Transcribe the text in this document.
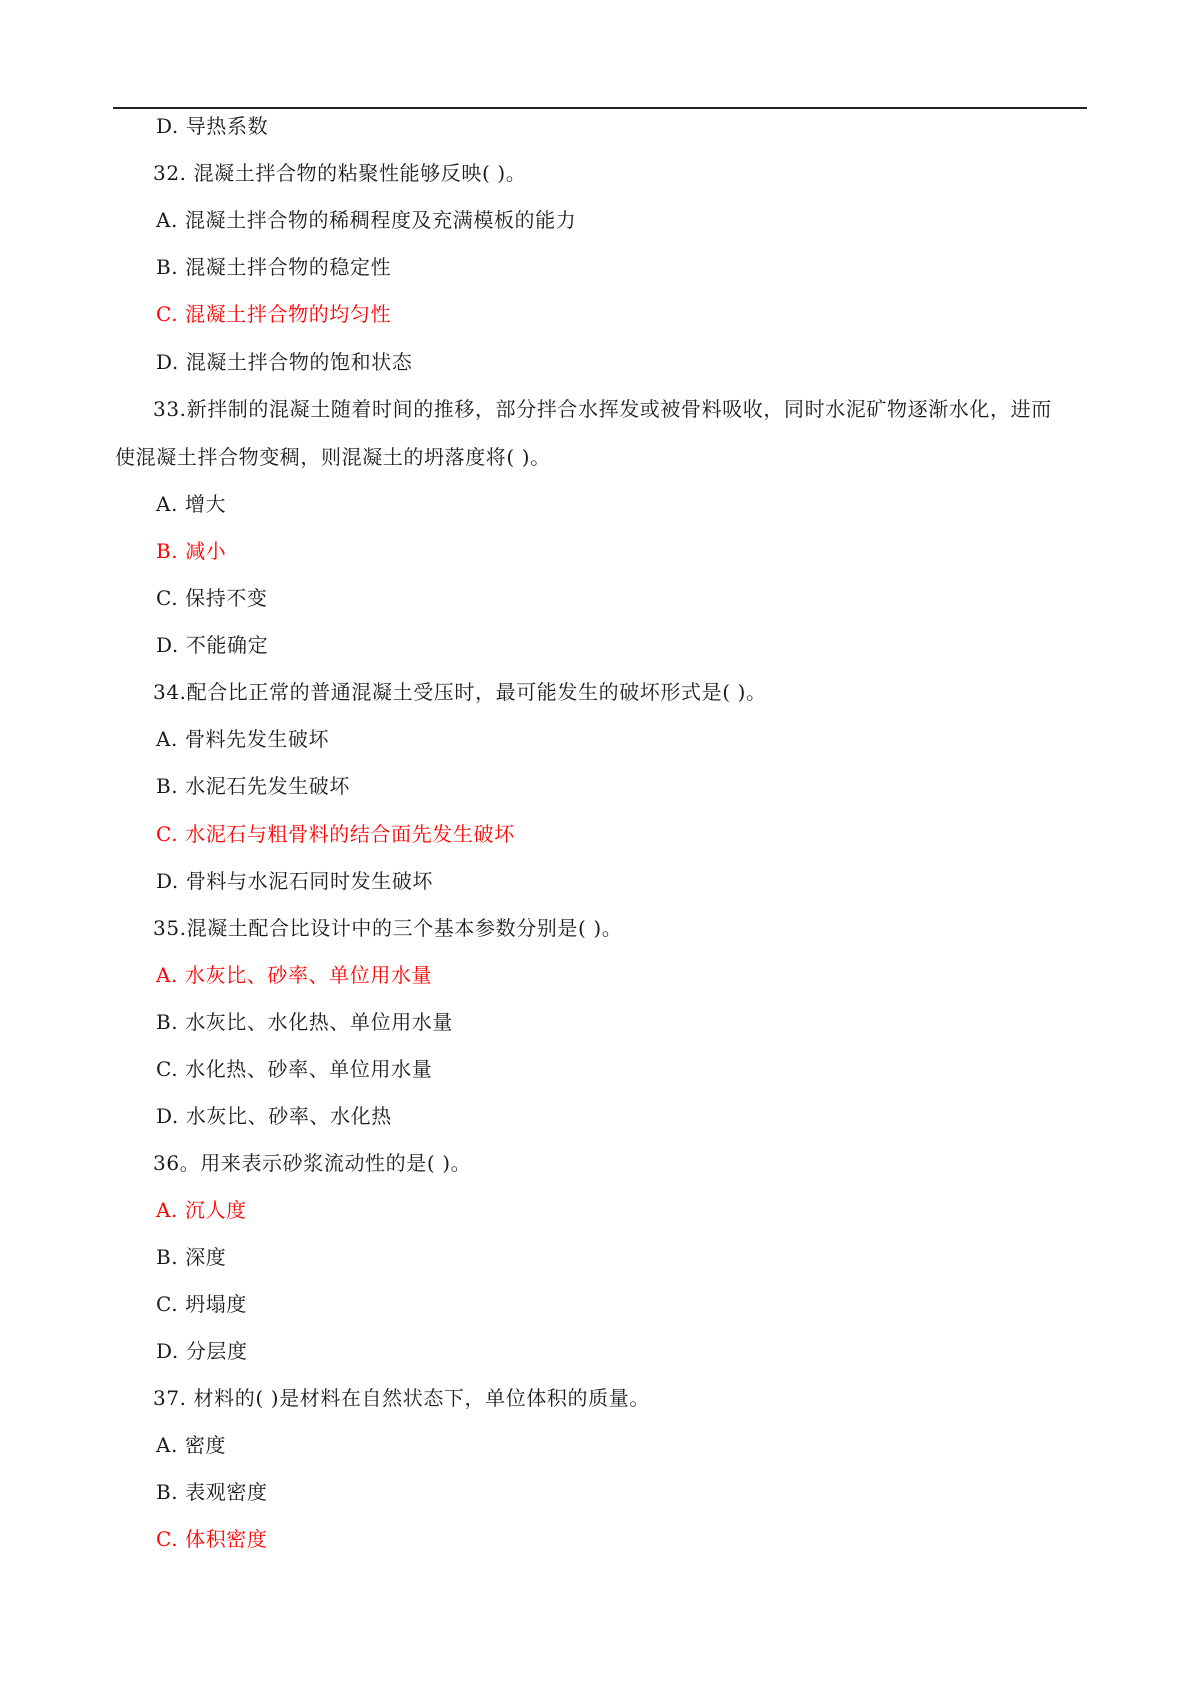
D. 导热系数
32. 混凝土拌合物的粘聚性能够反映( )。
A. 混凝土拌合物的稀稠程度及充满模板的能力
B. 混凝土拌合物的稳定性
C. 混凝土拌合物的均匀性
D. 混凝土拌合物的饱和状态
33.新拌制的混凝土随着时间的推移，部分拌合水挥发或被骨料吸收，同时水泥矿物逐渐水化，进而
使混凝土拌合物变稠，则混凝土的坍落度将( )。
A. 增大
B. 减小
C. 保持不变
D. 不能确定
34.配合比正常的普通混凝土受压时，最可能发生的破坏形式是( )。
A. 骨料先发生破坏
B. 水泥石先发生破坏
C. 水泥石与粗骨料的结合面先发生破坏
D. 骨料与水泥石同时发生破坏
35.混凝土配合比设计中的三个基本参数分别是( )。
A. 水灰比、砂率、单位用水量
B. 水灰比、水化热、单位用水量
C. 水化热、砂率、单位用水量
D. 水灰比、砂率、水化热
36。用来表示砂浆流动性的是( )。
A. 沉人度
B. 深度
C. 坍塌度
D. 分层度
37. 材料的( )是材料在自然状态下，单位体积的质量。
A. 密度
B. 表观密度
C. 体积密度
